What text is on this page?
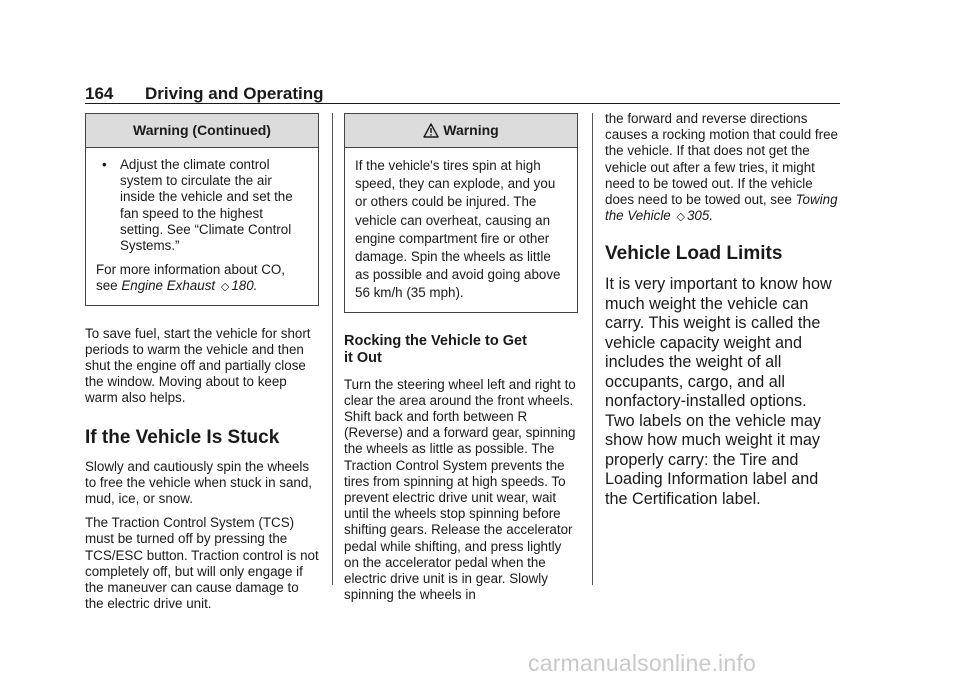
164 Driving and Operating
Warning (Continued)
• Adjust the climate control system to circulate the air inside the vehicle and set the fan speed to the highest setting. See “Climate Control Systems.”

For more information about CO, see Engine Exhaust ◇ 180.

To save fuel, start the vehicle for short periods to warm the vehicle and then shut the engine off and partially close the window. Moving about to keep warm also helps.

If the Vehicle Is Stuck

Slowly and cautiously spin the wheels to free the vehicle when stuck in sand, mud, ice, or snow.

The Traction Control System (TCS) must be turned off by pressing the TCS/ESC button. Traction control is not completely off, but will only engage if the maneuver can cause damage to the electric drive unit.

Warning
If the vehicle's tires spin at high speed, they can explode, and you or others could be injured. The vehicle can overheat, causing an engine compartment fire or other damage. Spin the wheels as little as possible and avoid going above 56 km/h (35 mph).
Rocking the Vehicle to Get
it Out

Turn the steering wheel left and right to clear the area around the front wheels. Shift back and forth between R (Reverse) and a forward gear, spinning the wheels as little as possible. The Traction Control System prevents the tires from spinning at high speeds. To prevent electric drive unit wear, wait until the wheels stop spinning before shifting gears. Release the accelerator pedal while shifting, and press lightly on the accelerator pedal when the electric drive unit is in gear. Slowly spinning the wheels in

the forward and reverse directions causes a rocking motion that could free the vehicle. If that does not get the vehicle out after a few tries, it might need to be towed out. If the vehicle does need to be towed out, see Towing the Vehicle ◇ 305.

Vehicle Load Limits

It is very important to know how much weight the vehicle can carry. This weight is called the vehicle capacity weight and includes the weight of all occupants, cargo, and all nonfactory-installed options. Two labels on the vehicle may show how much weight it may properly carry: the Tire and Loading Information label and the Certification label.

carmanualsonline.info
